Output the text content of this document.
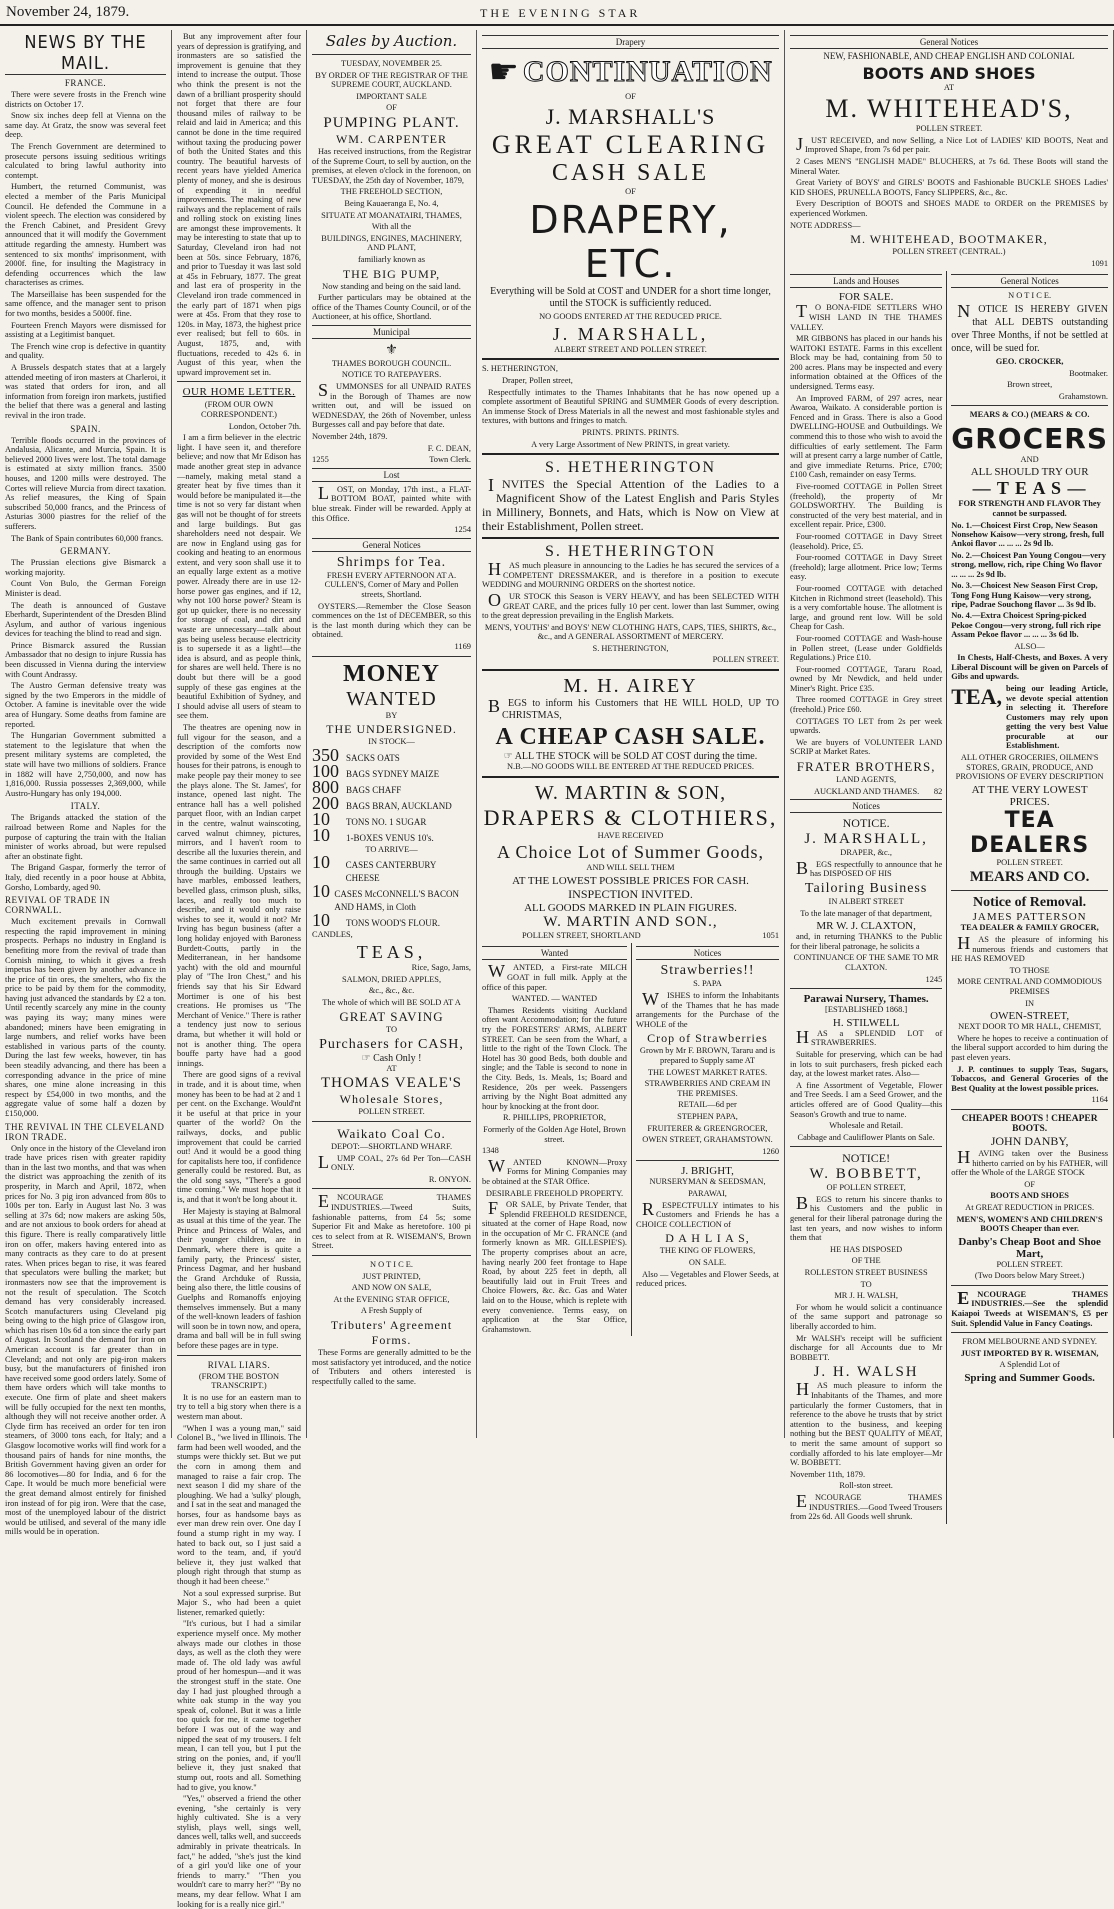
November 24, 1879.	THE EVENING STAR
NEWS BY THE MAIL.
FRANCE.

There were severe frosts in the French wine districts on October 17.

Snow six inches deep fell at Vienna on the same day. At Gratz, the snow was several feet deep.

The French Government are determined to prosecute persons issuing seditious writings calculated to bring lawful authority into contempt.

Humbert, the returned Communist, was elected a member of the Paris Municipal Council. He defended the Commune in a violent speech. The election was considered by the French Cabinet, and President Grevy announced that it will modify the Government attitude regarding the amnesty. Humbert was sentenced to six months' imprisonment, with 2000f. fine, for insulting the Magistracy in defending occurrences which the law characterises as crimes.

The Marseillaise has been suspended for the same offence, and the manager sent to prison for two months, besides a 5000f. fine.

Fourteen French Mayors were dismissed for assisting at a Legitimist banquet.

The French wine crop is defective in quantity and quality.

A Brussels despatch states that at a largely attended meeting of iron masters at Charleroi, it was stated that orders for iron, and all information from foreign iron markets, justified the belief that there was a general and lasting revival in the iron trade.

SPAIN.

Terrible floods occurred in the provinces of Andalusia, Alicante, and Murcia, Spain. It is believed 2000 lives were lost. The total damage is estimated at sixty million francs. 3500 houses, and 1200 mills were destroyed. The Cortes will relieve Murcia from direct taxation. As relief measures, the King of Spain subscribed 50,000 francs, and the Princess of Asturias 3000 piastres for the relief of the sufferers.

The Bank of Spain contributes 60,000 francs.

GERMANY.

The Prussian elections give Bismarck a working majority.

Count Von Bulo, the German Foreign Minister is dead.

The death is announced of Gustave Eberhardt, Superintendent of the Dresden Blind Asylum, and author of various ingenious devices for teaching the blind to read and sign.

Prince Bismarck assured the Russian Ambassador that no design to injure Russia has been discussed in Vienna during the interview with Count Andrassy.

The Austro German defensive treaty was signed by the two Emperors in the middle of October. A famine is inevitable over the wide area of Hungary. Some deaths from famine are reported.

The Hungarian Government submitted a statement to the legislature that when the present military systems are completed, the state will have two millions of soldiers. France in 1882 will have 2,750,000, and now has 1,816,000. Russia possesses 2,369,000, while Austro-Hungary has only 194,000.

ITALY.

The Brigands attacked the station of the railroad between Rome and Naples for the purpose of capturing the train with the Italian minister of works abroad, but were repulsed after an obstinate fight.

The Brigand Gaspar, formerly the terror of Italy, died recently in a poor house at Abbita, Gorsho, Lombardy, aged 90.

REVIVAL OF TRADE IN CORNWALL.

Much excitement prevails in Cornwall respecting the rapid improvement in mining prospects. Perhaps no industry in England is benefiting more from the revival of trade than Cornish mining, to which it gives a fresh impetus has been given by another advance in the price of tin ores, the smelters, who fix the price to be paid by them for the commodity, having just advanced the standards by £2 a ton. Until recently scarcely any mine in the county was paying its way; many mines were abandoned; miners have been emigrating in large numbers, and relief works have been established in various parts of the county. During the last few weeks, however, tin has been steadily advancing, and there has been a corresponding advance in the price of mine shares, one mine alone increasing in this respect by £54,000 in two months, and the aggregate value of some half a dozen by £150,000.

THE REVIVAL IN THE CLEVELAND IRON TRADE.

Only once in the history of the Cleveland iron trade have prices risen with greater rapidity than in the last two months, and that was when the district was approaching the zenith of its prosperity, in March and April, 1872, when prices for No. 3 pig iron advanced from 80s to 100s per ton. Early in August last No. 3 was selling at 37s 6d; now makers are asking 50s, and are not anxious to book orders for ahead at this figure. There is really comparatively little iron on offer, makers having entered into as many contracts as they care to do at present rates. When prices began to rise, it was feared that speculators were bulling the market; but ironmasters now see that the improvement is not the result of speculation. The Scotch demand has very considerably increased. Scotch manufacturers using Cleveland pig being owing to the high price of Glasgow iron, which has risen 10s 6d a ton since the early part of August. In Scotland the demand for iron on American account is far greater than in Cleveland; and not only are pig-iron makers busy, but the manufacturers of finished iron have received some good orders lately. Some of them have orders which will take months to execute. One firm of plate and sheet makers will be fully occupied for the next ten months, although they will not receive another order. A Clyde firm has received an order for ten iron steamers, of 3000 tons each, for Italy; and a Glasgow locomotive works will find work for a thousand pairs of hands for nine months, the British Government having given an order for 86 locomotives—80 for India, and 6 for the Cape. It would be much more beneficial were the great demand almost entirely for finished iron instead of for pig iron. Were that the case, most of the unemployed labour of the district would be utilised, and several of the many idle mills would be in operation.

But any improvement after four years of depression is gratifying, and ironmasters are so satisfied the improvement is genuine that they intend to increase the output. Those who think the present is not the dawn of a brilliant prosperity should not forget that there are four thousand miles of railway to be relaid and laid in America; and this cannot be done in the time required without taxing the producing power of both the United States and this country. The beautiful harvests of recent years have yielded America plenty of money, and she is desirous of expending it in needful improvements. The making of new railways and the replacement of rails and rolling stock on existing lines are amongst these improvements. It may be interesting to state that up to Saturday, Cleveland iron had not been at 50s. since February, 1876, and prior to Tuesday it was last sold at 45s in February, 1877. The great and last era of prosperity in the Cleveland iron trade commenced in the early part of 1871 when pigs were at 45s. From that they rose to 120s. in May, 1873, the highest price ever realised; but fell to 60s. in August, 1875, and, with fluctuations, receded to 42s 6. in August of this year, when the upward improvement set in.

OUR HOME LETTER.
(FROM OUR OWN CORRESPONDENT.)
London, October 7th.

I am a firm believer in the electric light. I have seen it, and therefore believe; and now that Mr Edison has made another great step in advance—namely, making metal stand a greater heat by five times than it would before be manipulated it—the time is not so very far distant when gas will not be thought of for streets and large buildings. But gas shareholders need not despair. We are now in England using gas for cooking and heating to an enormous extent, and very soon shall use it to an equally large extent as a motive power. Already there are in use 12-horse power gas engines, and if 12, why not 100 horse power? Steam is got up quicker, there is no necessity for storage of coal, and dirt and waste are unnecessary—talk about gas being useless because electricity is to supersede it as a light!—the idea is absurd, and as people think, for shares are well held. There is no doubt but there will be a good supply of these gas engines at the beautiful Exhibition of Sydney, and I should advise all users of steam to see them.

The theatres are opening now in full vigour for the season, and a description of the comforts now provided by some of the West End houses for their patrons, is enough to make people pay their money to see the plays alone. The St. James', for instance, opened last night. The entrance hall has a well polished parquet floor, with an Indian carpet in the centre, walnut wainscoting, carved walnut chimney, pictures, mirrors, and I haven't room to describe all the luxuries therein, and the same continues in carried out all through the building. Upstairs we have marbles, embossed leathers, bevelled glass, crimson plush, silks, laces, and really too much to describe, and it would only raise wishes to see it, would it not? Mr Irving has begun business (after a long holiday enjoyed with Baroness Burdett-Coutts, partly in the Mediterranean, in her handsome yacht) with the old and mournful play of "The Iron Chest," and his friends say that his Sir Edward Mortimer is one of his best creations. He promises us "The Merchant of Venice." There is rather a tendency just now to serious drama, but whether it will hold or not is another thing. The opera bouffe party have had a good innings.

There are good signs of a revival in trade, and it is about time, when money has been to be had at 2 and 1 per cent. on the Exchange. Would'nt it be useful at that price in your quarter of the world? On the railways, docks, and public improvement that could be carried out! And it would be a good thing for capitalists here too, if confidence generally could be restored. But, as the old song says, "There's a good time coming." We must hope that it is, and that it won't be long about it.

Her Majesty is staying at Balmoral as usual at this time of the year. The Prince and Princess of Wales, and their younger children, are in Denmark, where there is quite a family party, the Princess' sister, Princess Dagmar, and her husband the Grand Archduke of Russia, being also there, the little cousins of Guelphs and Romanoffs enjoying themselves immensely. But a many of the well-known leaders of fashion will soon be in town now, and opera, drama and ball will be in full swing before these pages are in type.

RIVAL LIARS.
(FROM THE BOSTON TRANSCRIPT.)

It is no use for an eastern man to try to tell a big story when there is a western man about.

"When I was a young man," said Colonel B., "we lived in Illinois. The farm had been well wooded, and the stumps were thickly set. But we put the corn in among them and managed to raise a fair crop. The next season I did my share of the ploughing. We had a 'sulky' plough, and I sat in the seat and managed the horses, four as handsome bays as ever man drew rein over. One day I found a stump right in my way. I hated to back out, so I just said a word to the team, and, if you'd believe it, they just walked that plough right through that stump as though it had been cheese."

Not a soul expressed surprise. But Major S., who had been a quiet listener, remarked quietly:

"It's curious, but I had a similar experience myself once. My mother always made our clothes in those days, as well as the cloth they were made of. The old lady was awful proud of her homespun—and it was the strongest stuff in the state. One day I had just ploughed through a white oak stump in the way you speak of, colonel. But it was a little too quick for me, it came together before I was out of the way and nipped the seat of my trousers. I felt mean, I can tell you, but I put the string on the ponies, and, if you'll believe it, they just snaked that stump out, roots and all. Something had to give, you know."

"Yes," observed a friend the other evening, "she certainly is very highly cultivated. She is a very stylish, plays well, sings well, dances well, talks well, and succeeds admirably in private theatricals. In fact," he added, "she's just the kind of a girl you'd like one of your friends to marry." "Then you wouldn't care to marry her?" "By no means, my dear fellow. What I am looking for is a really nice girl."

Sales by Auction.
TUESDAY, NOVEMBER 25.
BY ORDER OF THE REGISTRAR OF THE SUPREME COURT, AUCKLAND.
IMPORTANT SALE
OF
PUMPING PLANT.
WM. CARPENTER

Has received instructions, from the Registrar of the Supreme Court, to sell by auction, on the premises, at eleven o'clock in the forenoon, on TUESDAY, the 25th day of November, 1879,

THE FREEHOLD SECTION,
Being Kauaeranga E, No. 4,
SITUATE AT MOANATAIRI, THAMES,
With all the
BUILDINGS, ENGINES, MACHINERY, AND PLANT,
familiarly known as
THE BIG PUMP,
Now standing and being on the said land.

Further particulars may be obtained at the office of the Thames County Council, or of the Auctioneer, at his office, Shortland.

Municipal
⚜
THAMES BOROUGH COUNCIL.
NOTICE TO RATEPAYERS.

SUMMONSES for all UNPAID RATES in the Borough of Thames are now written out, and will be issued on WEDNESDAY, the 26th of November, unless Burgesses call and pay before that date.

November 24th, 1879.
F. C. DEAN,
1255	Town Clerk.
Lost

LOST, on Monday, 17th inst., a FLAT-BOTTOM BOAT, painted white with blue streak. Finder will be rewarded. Apply at this Office.

1254
General Notices
Shrimps for Tea.

FRESH EVERY AFTERNOON AT A. CULLEN'S, Corner of Mary and Pollen streets, Shortland.

OYSTERS.—Remember the Close Season commences on the 1st of DECEMBER, so this is the last month during which they can be obtained.

1169
MONEY
WANTED
BY
THE UNDERSIGNED.
IN STOCK—
350 SACKS OATS
100 BAGS SYDNEY MAIZE
800 BAGS CHAFF
200 BAGS BRAN, AUCKLAND
10	TONS NO. 1 SUGAR
10	1-BOXES VENUS 10's.
TO ARRIVE—
10	CASES CANTERBURY CHEESE
10 CASES McCONNELL'S BACON AND HAMS, in Cloth
10	TONS WOOD'S FLOUR.
CANDLES,
TEAS,
Rice, Sago, Jams,
SALMON, DRIED APPLES,
&c., &c., &c.
The whole of which will BE SOLD AT A
GREAT SAVING
TO
Purchasers for CASH,
☞ Cash Only !
AT
THOMAS VEALE'S
Wholesale Stores,
POLLEN STREET.
Waikato Coal Co.
DEPOT:—SHORTLAND WHARF.

LUMP COAL, 27s 6d Per Ton—CASH ONLY.

R. ONYON.

ENCOURAGE THAMES INDUSTRIES.—Tweed Suits, fashionable patterns, from £4 5s; some Superior Fit and Make as heretofore. 100 pi ces to select from at R. WISEMAN'S, Brown Street.

N O T I C E.
JUST PRINTED,
AND NOW ON SALE,
At the EVENING STAR OFFICE,
A Fresh Supply of
Tributers' Agreement Forms.

These Forms are generally admitted to be the most satisfactory yet introduced, and the notice of Tributers and others interested is respectfully called to the same.

Drapery
☛ CONTINUATION
OF
J. MARSHALL'S
GREAT CLEARING
CASH SALE
OF
DRAPERY, ETC.

Everything will be Sold at COST and UNDER for a short time longer, until the STOCK is sufficiently reduced.

NO GOODS ENTERED AT THE REDUCED PRICE.
J. MARSHALL,
ALBERT STREET AND POLLEN STREET.
S. HETHERINGTON,
Draper, Pollen street,

Respectfully intimates to the Thames Inhabitants that he has now opened up a complete assortment of Beautiful SPRING and SUMMER Goods of every description. An immense Stock of Dress Materials in all the newest and most fashionable styles and textures, with buttons and fringes to match.

PRINTS. PRINTS. PRINTS.
A very Large Assortment of New PRINTS, in great variety.
S. HETHERINGTON

INVITES the Special Attention of the Ladies to a Magnificent Show of the Latest English and Paris Styles in Millinery, Bonnets, and Hats, which is Now on View at their Establishment, Pollen street.

S. HETHERINGTON

HAS much pleasure in announcing to the Ladies he has secured the services of a COMPETENT DRESSMAKER, and is therefore in a position to execute WEDDING and MOURNING ORDERS on the shortest notice.

OUR STOCK this Season is VERY HEAVY, and has been SELECTED WITH GREAT CARE, and the prices fully 10 per cent. lower than last Summer, owing to the great depression prevailing in the English Markets.

MEN'S, YOUTHS' and BOYS' NEW CLOTHING HATS, CAPS, TIES, SHIRTS, &c., &c., and A GENERAL ASSORTMENT of MERCERY.
S. HETHERINGTON,
POLLEN STREET.
M. H. AIREY

BEGS to inform his Customers that HE WILL HOLD, UP TO CHRISTMAS,

A CHEAP CASH SALE.
☞ ALL THE STOCK will be SOLD AT COST during the time.
N.B.—NO GOODS WILL BE ENTERED AT THE REDUCED PRICES.
W. MARTIN & SON,
DRAPERS & CLOTHIERS,
HAVE RECEIVED
A Choice Lot of Summer Goods,
AND WILL SELL THEM
AT THE LOWEST POSSIBLE PRICES FOR CASH.
INSPECTION INVITED.
ALL GOODS MARKED IN PLAIN FIGURES.
W. MARTIN AND SON.,
POLLEN STREET, SHORTLAND	1051
Wanted

WANTED, a First-rate MILCH GOAT in full milk. Apply at the office of this paper.

WANTED. — WANTED

Thames Residents visiting Auckland often want Accommodation; for the future try the FORESTERS' ARMS, ALBERT STREET. Can be seen from the Wharf, a little to the right of the Town Clock. The Hotel has 30 good Beds, both double and single; and the Table is second to none in the City. Beds, 1s. Meals, 1s; Board and Residence, 20s per week. Passengers arriving by the Night Boat admitted any hour by knocking at the front door.

R. PHILLIPS, PROPRIETOR,
Formerly of the Golden Age Hotel, Brown street.
1348

WANTED KNOWN—Proxy Forms for Mining Companies may be obtained at the STAR Office.

DESIRABLE FREEHOLD PROPERTY.

FOR SALE, by Private Tender, that Splendid FREEHOLD RESIDENCE, situated at the corner of Hape Road, now in the occupation of Mr C. FRANCE (and formerly known as MR. GILLESPIE'S). The property comprises about an acre, having nearly 200 feet frontage to Hape Road, by about 225 feet in depth, all beautifully laid out in Fruit Trees and Choice Flowers, &c. &c. Gas and Water laid on to the House, which is replete with every convenience. Terms easy, on application at the Star Office, Grahamstown.

Notices
Strawberries!!
S. PAPA

WISHES to inform the Inhabitants of the Thames that he has made arrangements for the Purchase of the WHOLE of the

Crop of Strawberries
Grown by Mr F. BROWN, Tararu and is prepared to Supply same AT
THE LOWEST MARKET RATES.
STRAWBERRIES AND CREAM IN THE PREMISES.
RETAIL—6d per
STEPHEN PAPA,
FRUITERER & GREENGROCER,
OWEN STREET, GRAHAMSTOWN.
1260
J. BRIGHT,
NURSERYMAN & SEEDSMAN,
PARAWAI,

RESPECTFULLY intimates to his Customers and Friends he has a CHOICE COLLECTION of

D A H L I A S,
THE KING OF FLOWERS,
ON SALE.

Also — Vegetables and Flower Seeds, at reduced prices.

General Notices
NEW, FASHIONABLE, AND CHEAP ENGLISH AND COLONIAL
BOOTS AND SHOES
AT
M. WHITEHEAD'S,
POLLEN STREET.

JUST RECEIVED, and now Selling, a Nice Lot of LADIES' KID BOOTS, Neat and Improved Shape, from 7s 6d per pair.

2 Cases MEN'S "ENGLISH MADE" BLUCHERS, at 7s 6d. These Boots will stand the Mineral Water.

Great Variety of BOYS' and GIRLS' BOOTS and Fashionable BUCKLE SHOES Ladies' KID SHOES, PRUNELLA BOOTS, Fancy SLIPPERS, &c., &c.

Every Description of BOOTS and SHOES MADE to ORDER on the PREMISES by experienced Workmen.

NOTE ADDRESS—
M. WHITEHEAD, BOOTMAKER,
POLLEN STREET (CENTRAL.)
1091
Lands and Houses
FOR SALE.

TO BONA-FIDE SETTLERS WHO WISH LAND IN THE THAMES VALLEY.

MR GIBBONS has placed in our hands his WAITOKI ESTATE. Farms in this excellent Block may be had, containing from 50 to 200 acres. Plans may be inspected and every information obtained at the Offices of the undersigned. Terms easy.

An Improved FARM, of 297 acres, near Awaroa, Waikato. A considerable portion is Fenced and in Grass. There is also a Good DWELLING-HOUSE and Outbuildings. We commend this to those who wish to avoid the difficulties of early settlement. The Farm will at present carry a large number of Cattle, and give immediate Returns. Price, £700; £100 Cash, remainder on easy Terms.

Five-roomed COTTAGE in Pollen Street (freehold), the property of Mr GOLDSWORTHY. The Building is constructed of the very best material, and in excellent repair. Price, £300.

Four-roomed COTTAGE in Davy Street (leasehold). Price, £5.

Four-roomed COTTAGE in Davy Street (freehold); large allotment. Price low; Terms easy.

Four-roomed COTTAGE with detached Kitchen in Richmond street (leasehold). This is a very comfortable house. The allotment is large, and ground rent low. Will be sold Cheap for Cash.

Four-roomed COTTAGE and Wash-house in Pollen street, (Lease under Goldfields Regulations.) Price £10.

Four-roomed COTTAGE, Tararu Road, owned by Mr Newdick, and held under Miner's Right. Price £35.

Three roomed COTTAGE in Grey street (freehold.) Price £60.

COTTAGES TO LET from 2s per week upwards.

We are buyers of VOLUNTEER LAND SCRIP at Market Rates.

FRATER BROTHERS,
LAND AGENTS,
AUCKLAND AND THAMES. 82
Notices
NOTICE.
J. MARSHALL,
DRAPER, &c.,

BEGS respectfully to announce that he has DISPOSED OF HIS

Tailoring Business
IN ALBERT STREET
To the late manager of that department,
MR W. J. CLAXTON,

and, in returning THANKS to the Public for their liberal patronage, he solicits a

CONTINUANCE OF THE SAME TO MR CLAXTON.
1245
Parawai Nursery, Thames.
[ESTABLISHED 1868.]
H. STILWELL

HAS a SPLENDID LOT of STRAWBERRIES.

Suitable for preserving, which can be had in lots to suit purchasers, fresh picked each day, at the lowest market rates. Also—

A fine Assortment of Vegetable, Flower and Tree Seeds. I am a Seed Grower, and the articles offered are of Good Quality—this Season's Growth and true to name.

Wholesale and Retail.
Cabbage and Cauliflower Plants on Sale.
NOTICE!
W. BOBBETT,
OF POLLEN STREET,

BEGS to return his sincere thanks to his Customers and the public in general for their liberal patronage during the last ten years, and now wishes to inform them that

HE HAS DISPOSED
OF THE
ROLLESTON STREET BUSINESS
TO
MR J. H. WALSH,

For whom he would solicit a continuance of the same support and patronage so liberally accorded to him.

Mr WALSH's receipt will be sufficient discharge for all Accounts due to Mr BOBBETT.

J. H. WALSH

HAS much pleasure to inform the Inhabitants of the Thames, and more particularly the former Customers, that in reference to the above he trusts that by strict attention to the business, and keeping nothing but the BEST QUALITY of MEAT, to merit the same amount of support so cordially afforded to his late employer—Mr W. BOBBETT.

November 11th, 1879.
Roll-ston street.

ENCOURAGE THAMES INDUSTRIES.—Good Tweed Trousers from 22s 6d. All Goods well shrunk.

General Notices
N O T I C E.

NOTICE IS HEREBY GIVEN that ALL DEBTS outstanding over Three Months, if not be settled at once, will be sued for.

GEO. CROCKER,
Bootmaker.
Brown street,
Grahamstown.
MEARS & CO.) (MEARS & CO.
GROCERS
AND
ALL SHOULD TRY OUR
— T E A S —
FOR STRENGTH AND FLAVOR They cannot be surpassed.
No. 1.—Choicest First Crop, New Season Nonsehow Kaisow—very strong, fresh, full Ankoi flavor ... ... ... 2s 9d lb.
No. 2.—Choicest Pan Young Congou—very strong, mellow, rich, ripe Ching Wo flavor ... ... ... 2s 9d lb.
No. 3.—Choicest New Season First Crop, Tong Fong Hung Kaisow—very strong, ripe, Padrae Souchong flavor ... 3s 9d lb.
No. 4.—Extra Choicest Spring-picked Pekoe Congou—very strong, full rich ripe Assam Pekoe flavor ... ... ... 3s 6d lb.
ALSO—

In Chests, Half-Chests, and Boxes. A very Liberal Discount will be given on Parcels of Gibs and upwards.

TEA, being our leading Article, we devote special attention in selecting it. Therefore Customers may rely upon getting the very best Value procurable at our Establishment.
ALL OTHER GROCERIES, OILMEN'S STORES, GRAIN, PRODUCE, AND PROVISIONS OF EVERY DESCRIPTION
AT THE VERY LOWEST PRICES.
TEA DEALERS
POLLEN STREET.
MEARS AND CO.
Notice of Removal.
JAMES PATTERSON
TEA DEALER & FAMILY GROCER,

HAS the pleasure of informing his numerous friends and customers that HE HAS REMOVED

TO THOSE
MORE CENTRAL AND COMMODIOUS PREMISES
IN
OWEN-STREET,
NEXT DOOR TO MR HALL, CHEMIST,

Where he hopes to receive a continuation of the liberal support accorded to him during the past eleven years.

J. P. continues to supply Teas, Sugars, Tobaccos, and General Groceries of the Best Quality at the lowest possible prices.

1164
CHEAPER BOOTS ! CHEAPER BOOTS.
JOHN DANBY,

HAVING taken over the Business hitherto carried on by his FATHER, will offer the Whole of the LARGE STOCK

OF
BOOTS AND SHOES
At GREAT REDUCTION in PRICES.
MEN'S, WOMEN'S AND CHILDREN'S BOOTS Cheaper than ever.
Danby's Cheap Boot and Shoe Mart,
POLLEN STREET.
(Two Doors below Mary Street.)

ENCOURAGE THAMES INDUSTRIES.—See the splendid Kaiapoi Tweeds at WISEMAN'S, £5 per Suit. Splendid Value in Fancy Coatings.

FROM MELBOURNE AND SYDNEY.
JUST IMPORTED BY R. WISEMAN,
A Splendid Lot of
Spring and Summer Goods.
